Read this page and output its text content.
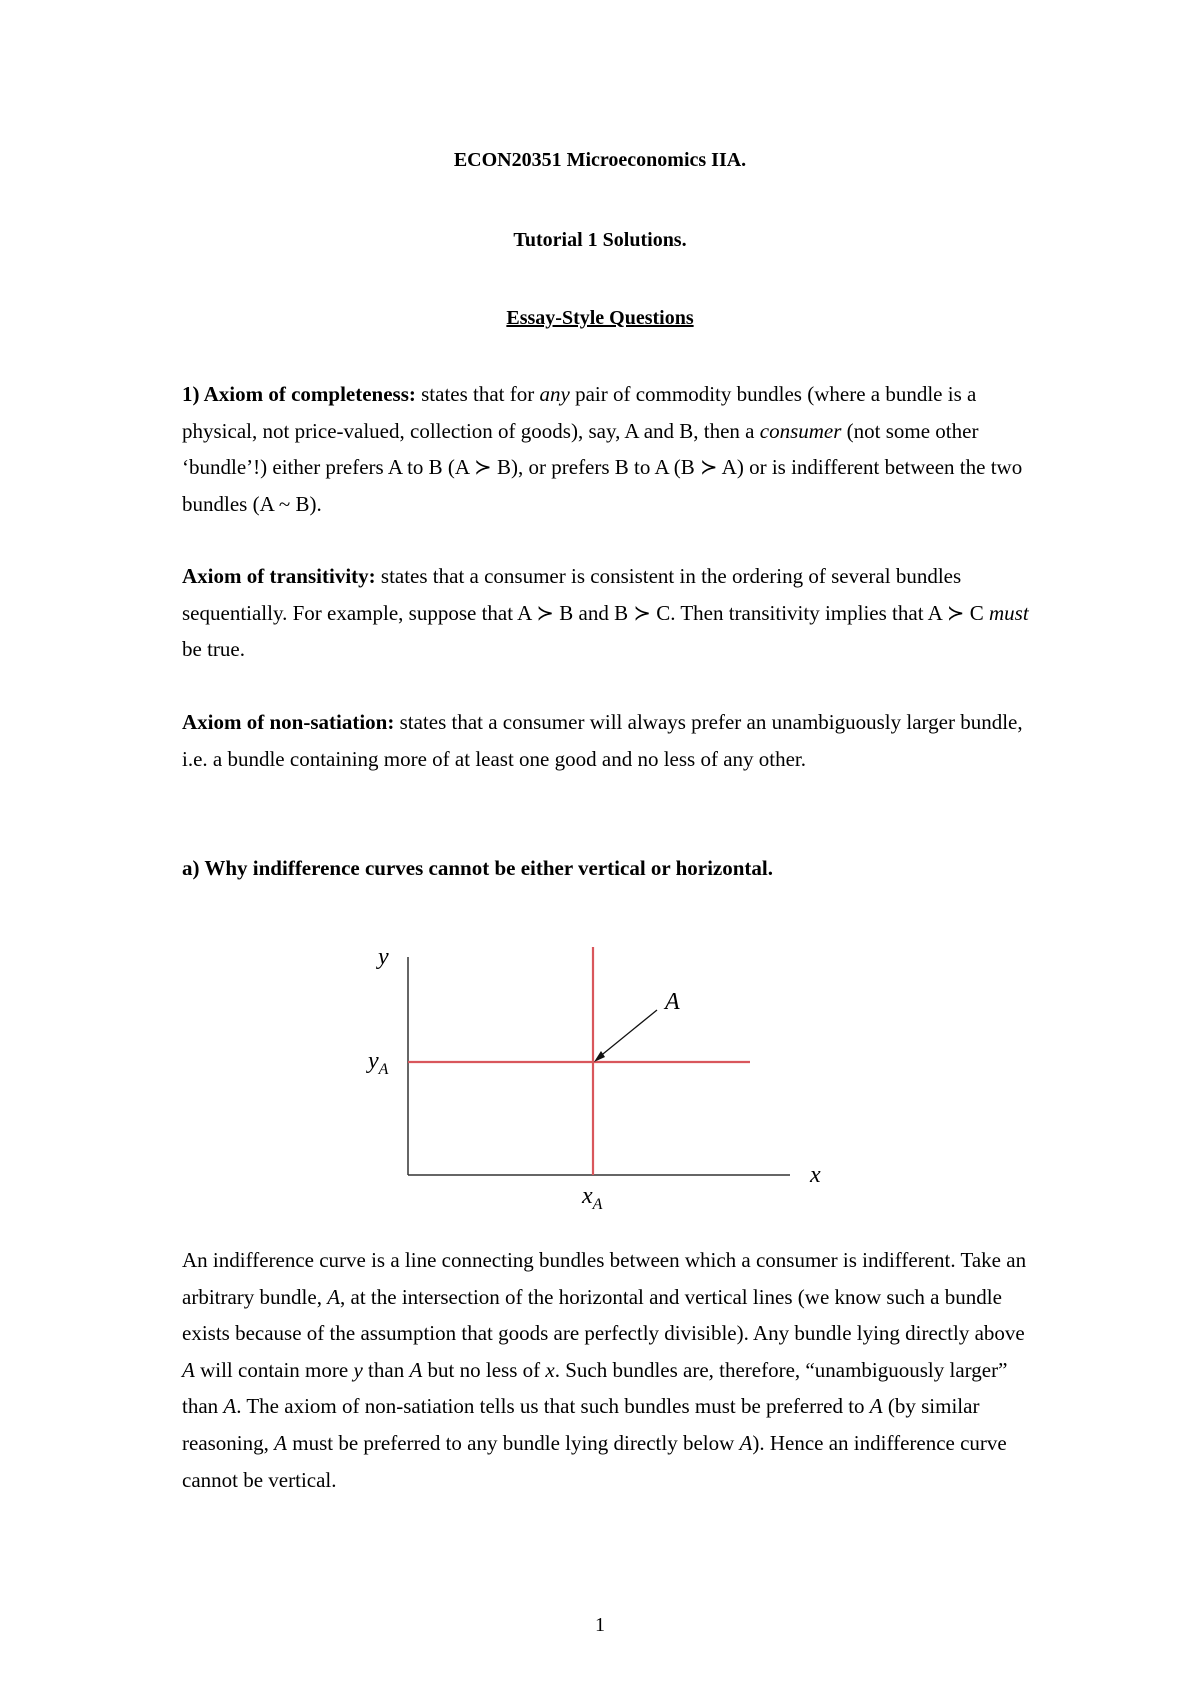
ECON20351 Microeconomics IIA.
Tutorial 1 Solutions.
Essay-Style Questions
1) Axiom of completeness: states that for any pair of commodity bundles (where a bundle is a physical, not price-valued, collection of goods), say, A and B, then a consumer (not some other ‘bundle’!) either prefers A to B (A ≻ B), or prefers B to A (B ≻ A) or is indifferent between the two bundles (A ~ B).
Axiom of transitivity: states that a consumer is consistent in the ordering of several bundles sequentially. For example, suppose that A ≻ B and B ≻ C. Then transitivity implies that A ≻ C must be true.
Axiom of non-satiation: states that a consumer will always prefer an unambiguously larger bundle, i.e. a bundle containing more of at least one good and no less of any other.
a) Why indifference curves cannot be either vertical or horizontal.
y
x
$y_A$
$x_A$
A
An indifference curve is a line connecting bundles between which a consumer is indifferent. Take an arbitrary bundle, A, at the intersection of the horizontal and vertical lines (we know such a bundle exists because of the assumption that goods are perfectly divisible). Any bundle lying directly above A will contain more y than A but no less of x. Such bundles are, therefore, “unambiguously larger” than A. The axiom of non-satiation tells us that such bundles must be preferred to A (by similar reasoning, A must be preferred to any bundle lying directly below A). Hence an indifference curve cannot be vertical.
1
